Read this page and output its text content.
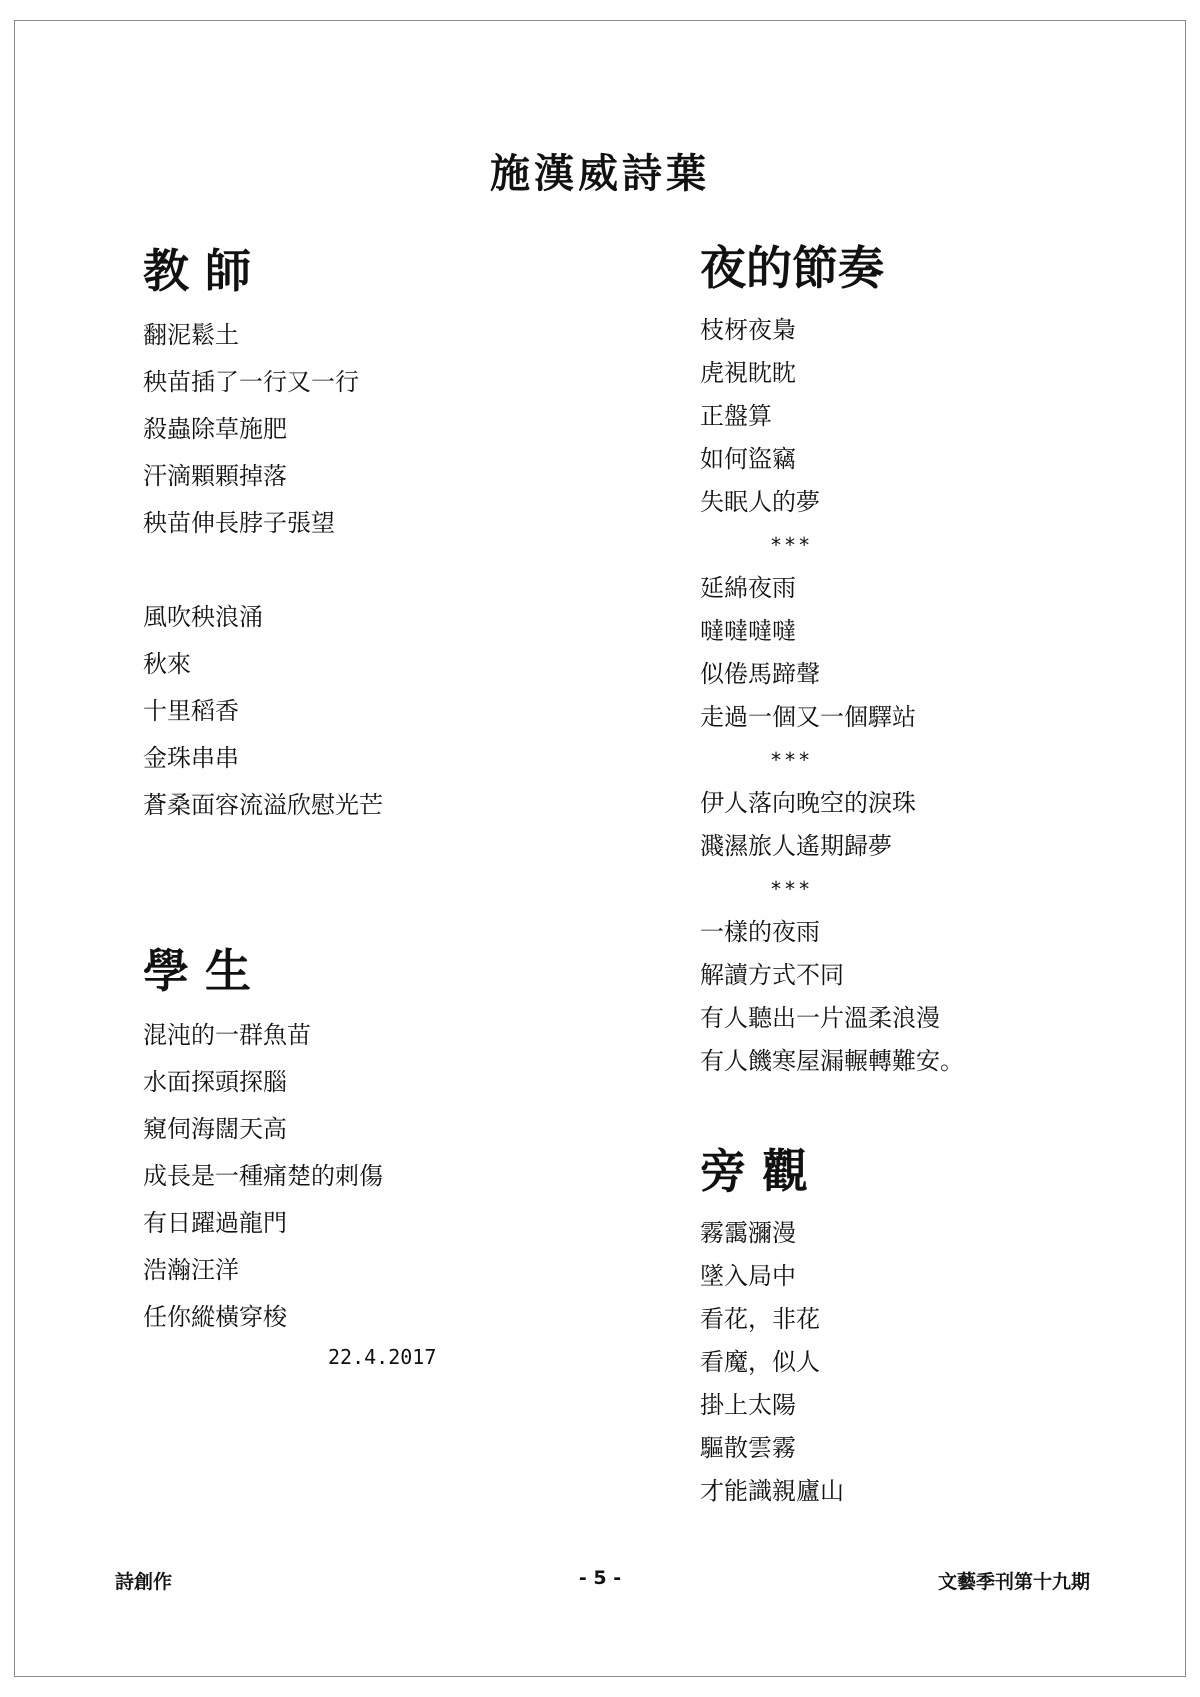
施漢威詩葉
教 師
翻泥鬆土
秧苗插了一行又一行
殺蟲除草施肥
汗滴顆顆掉落
秧苗伸長脖子張望
風吹秧浪涌
秋來
十里稻香
金珠串串
蒼桑面容流溢欣慰光芒
學 生
混沌的一群魚苗
水面探頭探腦
窺伺海闊天高
成長是一種痛楚的刺傷
有日躍過龍門
浩瀚汪洋
任你縱橫穿梭
22.4.2017
夜的節奏
枝枒夜梟
虎視眈眈
正盤算
如何盜竊
失眠人的夢
***
延綿夜雨
噠噠噠噠
似倦馬蹄聲
走過一個又一個驛站
***
伊人落向晚空的淚珠
濺濕旅人遙期歸夢
***
一樣的夜雨
解讀方式不同
有人聽出一片溫柔浪漫
有人饑寒屋漏輾轉難安。
旁 觀
霧靄瀰漫
墜入局中
看花，非花
看魔，似人
掛上太陽
驅散雲霧
才能識親廬山
詩創作	- 5 -	文藝季刊第十九期
